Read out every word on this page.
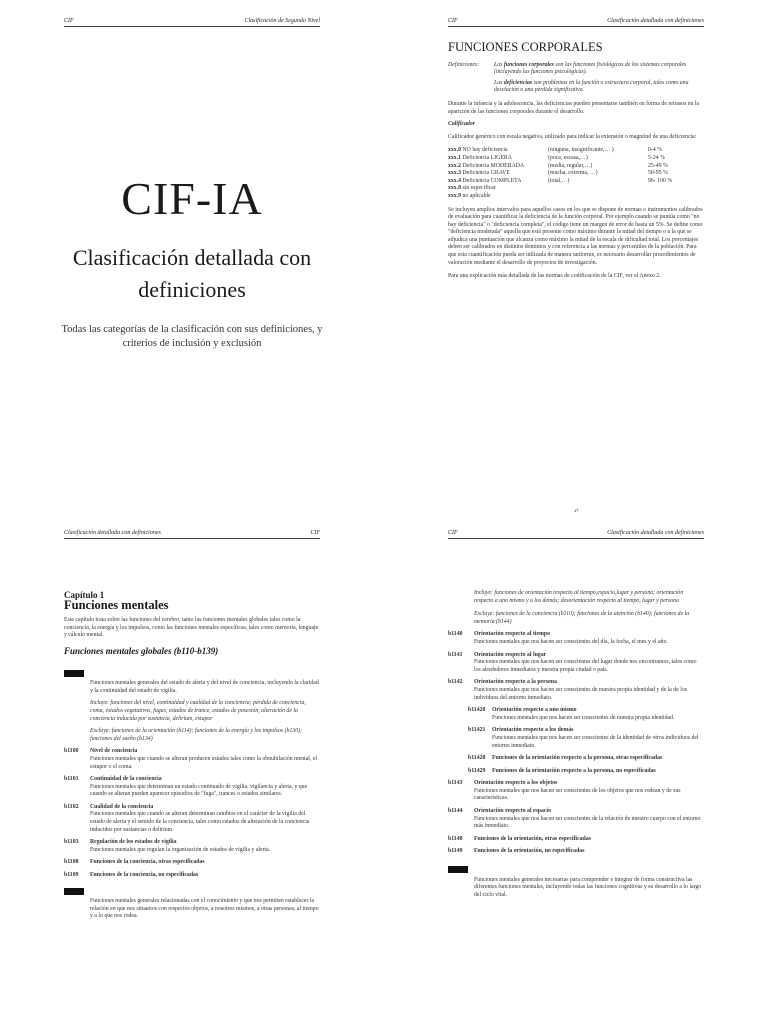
CIF	Clasificación de Segundo Nivel
CIF-IA
Clasificación detallada con definiciones
Todas las categorías de la clasificación con sus definiciones, y criterios de inclusión y exclusión
CIF	Clasificación detallada con definiciones
FUNCIONES CORPORALES
Definiciones:	Las funciones corporales son las funciones fisiológicas de los sistemas corporales (incluyendo las funciones psicológicas).

Las deficiencias son problemas en la función o estructura corporal, tales como una desviación o una pérdida significativa.

Durante la infancia y la adolescencia, las deficiencias pueden presentarse también en forma de retrasos en la aparición de las funciones corporales durante el desarrollo.

Calificador

Calificador genérico con escala negativa, utilizado para indicar la extensión o magnitud de una deficiencia:

xxx.0 NO hay deficiencia	(ninguna, insignificante,… )	0-4 %
xxx.1 Deficiencia LIGERA	(poca, escasa,…)	5-24 %
xxx.2 Deficiencia MODERADA	(media, regular,…)	25-49 %
xxx.3 Deficiencia GRAVE	(mucha, extrema, …)	50-95 %
xxx.4 Deficiencia COMPLETA	(total,…)	96- 100 %
xxx.8 sin especificar
xxx.9 no aplicable

Se incluyen amplios intervalos para aquellos casos en los que se dispone de normas o instrumentos calibrados de evaluación para cuantificar la deficiencia de la función corporal. Por ejemplo cuando se puntúa como "no hay deficiencia" o "deficiencia completa", el código tiene un margen de error de hasta un 5%. Se define como "deficiencia moderada" aquella que está presente como máximo durante la mitad del tiempo o a la que se adjudica una puntuación que alcanza como máximo la mitad de la escala de dificultad total. Los porcentajes deben ser calibrados en distintos dominios y con referencia a las normas y percentiles de la población. Para que esta cuantificación pueda ser utilizada de manera uniforme, es necesario desarrollar procedimientos de valoración mediante el desarrollo de proyectos de investigación.

Para una explicación más detallada de las normas de codificación de la CIF, ver el Anexo 2.

Clasificación detallada con definiciones	CIF
Capítulo 1
Funciones mentales

Este capítulo trata sobre las funciones del cerebro, tanto las funciones mentales globales tales como la conciencia, la energía y los impulsos, como las funciones mentales específicas, tales como memoria, lenguaje y cálculo mental.

Funciones mentales globales (b110-b139)

Funciones mentales generales del estado de alerta y del nivel de conciencia, incluyendo la claridad y la continuidad del estado de vigilia.

Incluye: funciones del nivel, continuidad y cualidad de la conciencia; pérdida de conciencia, coma, estados vegetativos, fugas, estados de trance, estados de posesión, alteración de la conciencia inducida por sustancia, delirium, estupor

Excluye: funciones de la orientación (b114); funciones de la energía y los impulsos (b130); funciones del sueño (b134)

b1100	Nivel de conciencia

Funciones mentales que cuando se alteran producen estados tales como la obnubilación mental, el estupor o el coma.

b1101	Continuidad de la conciencia

Funciones mentales que determinan un estado continuado de vigilia, vigilancia y alerta, y que cuando se alteran pueden aparecer episodios de "fuga", trances o estados similares.

b1102	Cualidad de la conciencia

Funciones mentales que cuando se alteran determinan cambios en el carácter de la vigilia del estado de alerta y el sentido de la conciencia, tales como estados de alteración de la conciencia inducidos por sustancias o delirium.

b1103	Regulación de los estados de vigilia

Funciones mentales que regulan la organización de estados de vigilia y alerta.

b1108	Funciones de la conciencia, otras especificadas
b1109	Funciones de la conciencia, no especificadas

Funciones mentales generales relacionadas con el conocimiento y que nos permiten establecer la relación en que nos situamos con respectos objetos, a nosotros mismos, a otras personas, al tiempo y a lo que nos rodea.

CIF	Clasificación detallada con definiciones

Incluye: funciones de orientación respecto al tiempo,espacio,lugar y persona; orientación respecto a uno mismo y a los demás; desorientación respecto al tiempo, lugar y persona

Excluye: funciones de la conciencia (b110); funciones de la atención (b140); funciones de la memoria (b144)

b1140	Orientación respecto al tiempo

Funciones mentales que nos hacen ser conscientes del día, la fecha, el mes y el año.

b1141	Orientación respecto al lugar

Funciones mentales que nos hacen ser conscientes del lugar donde nos encontramos, tales como los alrededores inmediatos y nuestra propia ciudad o país.

b1142	Orientación respecto a la persona

Funciones mentales que nos hacen ser conscientes de nuestra propia identidad y de la de los individuos del entorno inmediato.

b11420	Orientación respecto a uno mismo

Funciones mentales que nos hacen ser conscientes de nuestra propia identidad.

b11421	Orientación respecto a los demás

Funciones mentales que nos hacen ser conscientes de la identidad de otros individuos del entorno inmediato.

b11428	Funciones de la orientación respecto a la persona, otras especificadas
b11429	Funciones de la orientación respecto a la persona, no especificadas
b1143	Orientación respecto a los objetos

Funciones mentales que nos hacen ser conscientes de los objetos que nos rodean y de sus características.

b1144	Orientación respecto al espacio

Funciones mentales que nos hacen ser conscientes de la relación de nuestro cuerpo con el entorno más inmediato.

b1148	Funciones de la orientación, otras especificadas
b1149	Funciones de la orientación, no especificadas

Funciones mentales generales necesarias para comprender e integrar de forma constructiva las diferentes funciones mentales, incluyendo todas las funciones cognitivas y su desarrollo a lo largo del ciclo vital.
